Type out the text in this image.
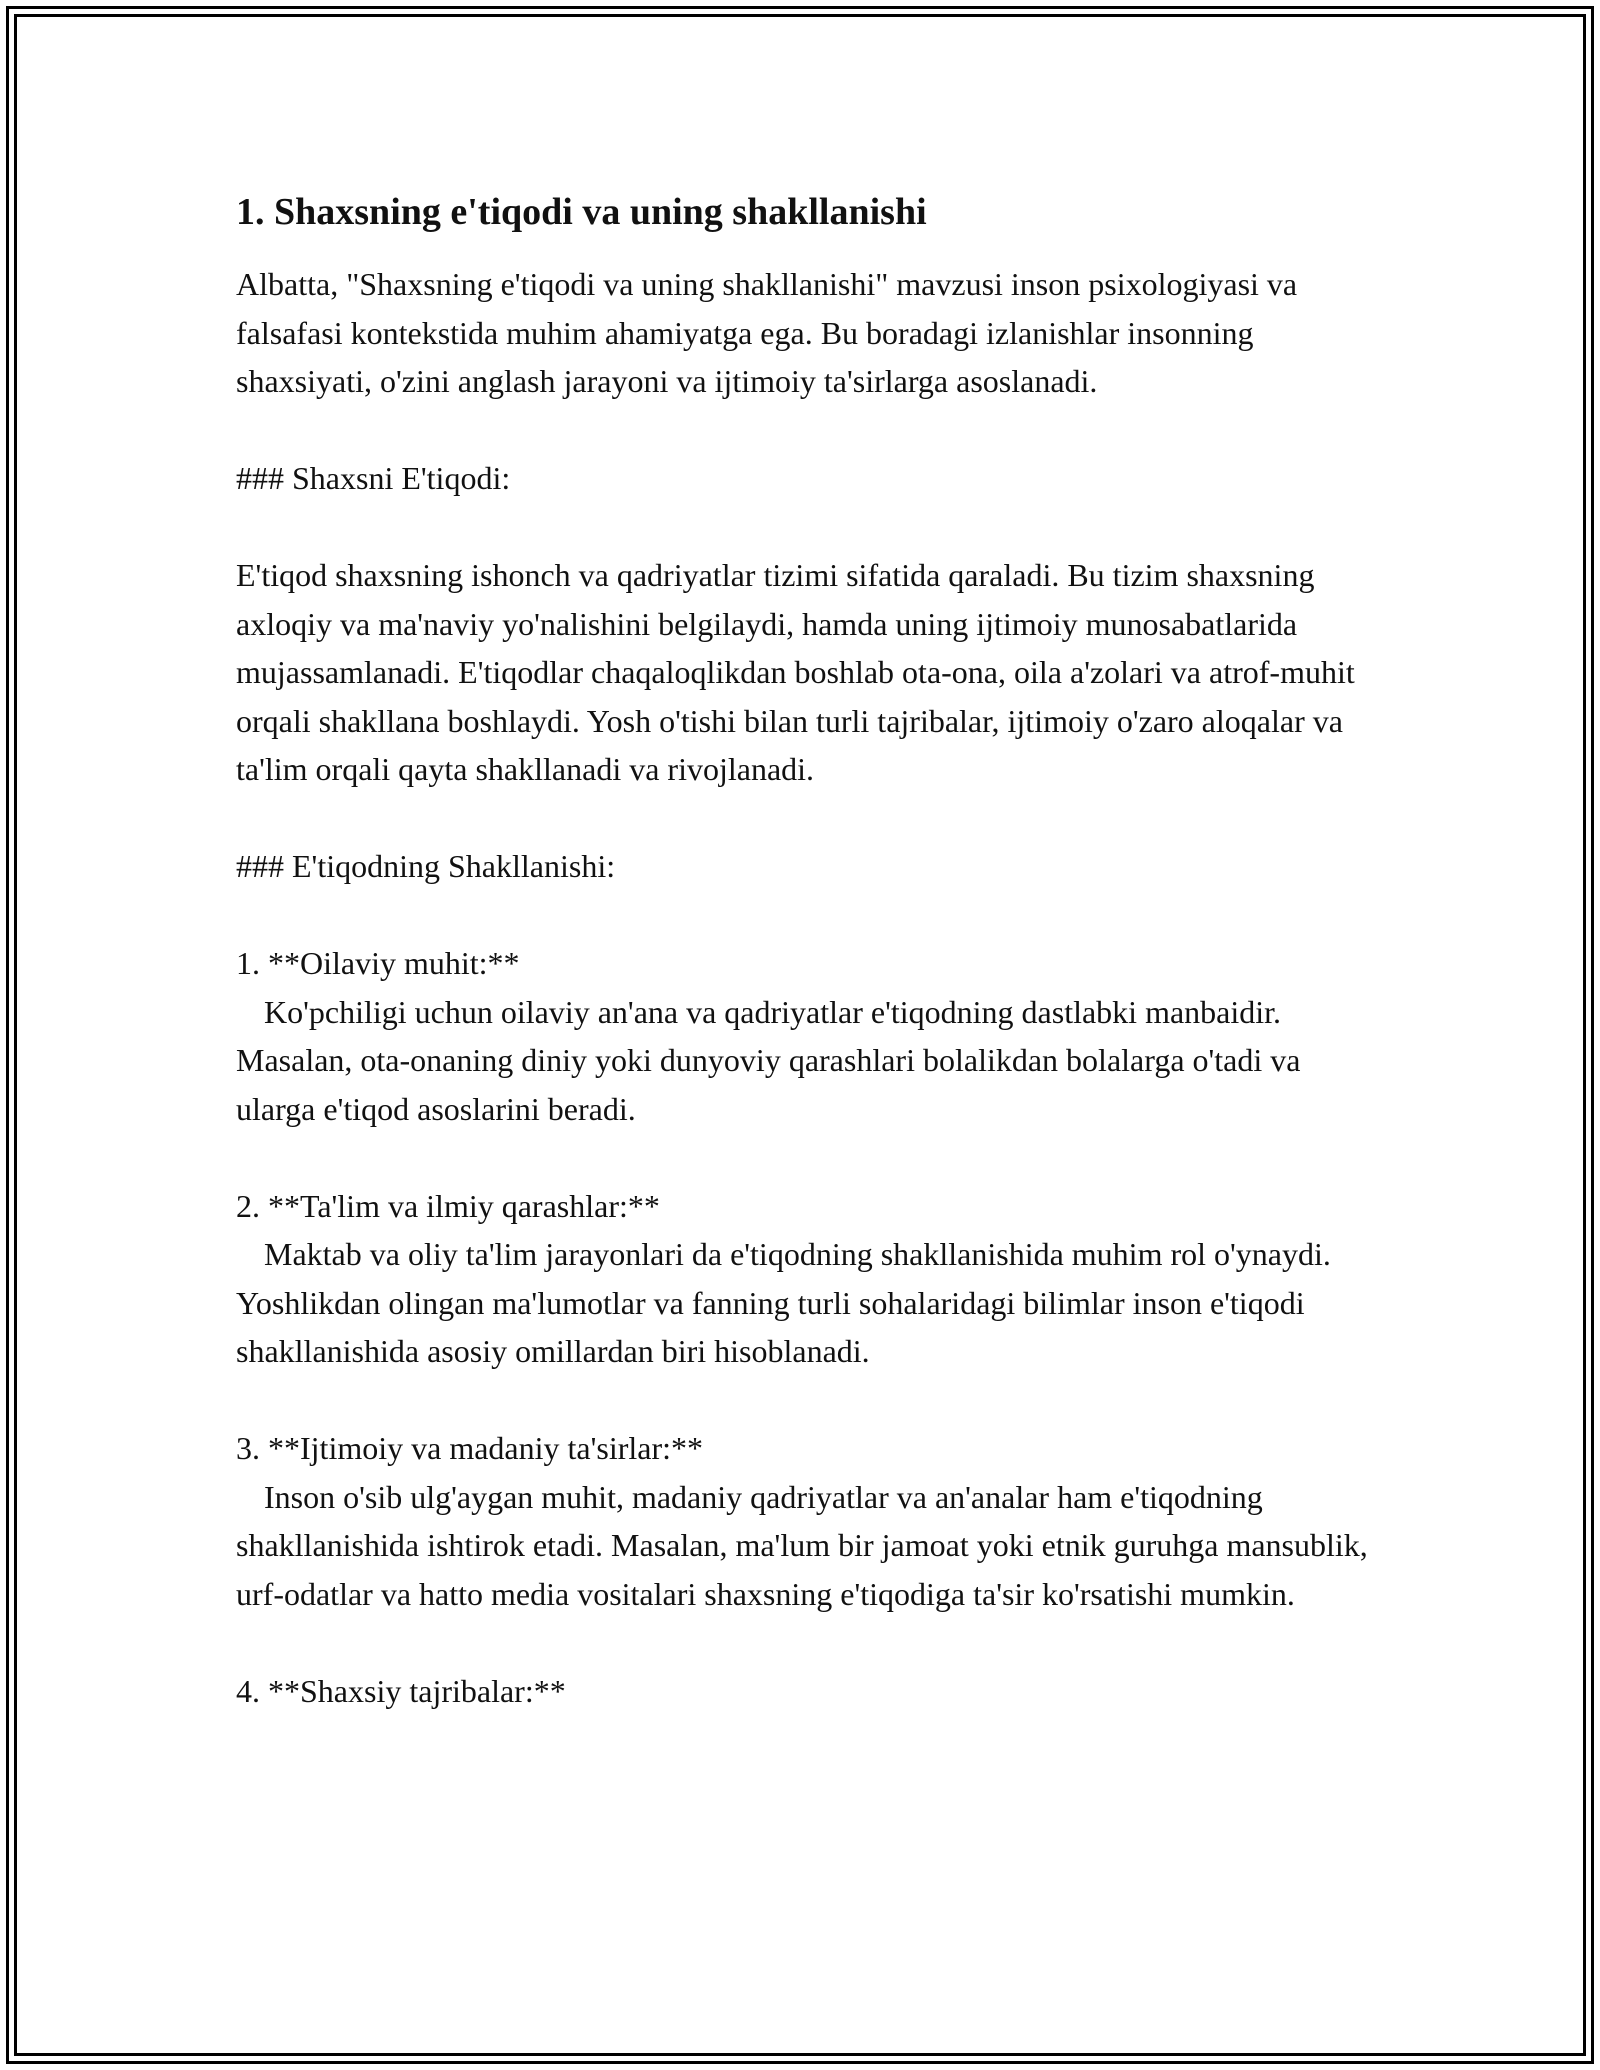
1. Shaxsning e'tiqodi va uning shakllanishi

Albatta, "Shaxsning e'tiqodi va uning shakllanishi" mavzusi inson psixologiyasi va falsafasi kontekstida muhim ahamiyatga ega. Bu boradagi izlanishlar insonning shaxsiyati, o'zini anglash jarayoni va ijtimoiy ta'sirlarga asoslanadi.

### Shaxsni E'tiqodi:

E'tiqod shaxsning ishonch va qadriyatlar tizimi sifatida qaraladi. Bu tizim shaxsning axloqiy va ma'naviy yo'nalishini belgilaydi, hamda uning ijtimoiy munosabatlarida mujassamlanadi. E'tiqodlar chaqaloqlikdan boshlab ota-ona, oila a'zolari va atrof-muhit orqali shakllana boshlaydi. Yosh o'tishi bilan turli tajribalar, ijtimoiy o'zaro aloqalar va ta'lim orqali qayta shakllanadi va rivojlanadi.

### E'tiqodning Shakllanishi:

1. **Oilaviy muhit:**
Ko'pchiligi uchun oilaviy an'ana va qadriyatlar e'tiqodning dastlabki manbaidir. Masalan, ota-onaning diniy yoki dunyoviy qarashlari bolalikdan bolalarga o'tadi va ularga e'tiqod asoslarini beradi.
2. **Ta'lim va ilmiy qarashlar:**
Maktab va oliy ta'lim jarayonlari da e'tiqodning shakllanishida muhim rol o'ynaydi. Yoshlikdan olingan ma'lumotlar va fanning turli sohalaridagi bilimlar inson e'tiqodi shakllanishida asosiy omillardan biri hisoblanadi.
3. **Ijtimoiy va madaniy ta'sirlar:**
Inson o'sib ulg'aygan muhit, madaniy qadriyatlar va an'analar ham e'tiqodning shakllanishida ishtirok etadi. Masalan, ma'lum bir jamoat yoki etnik guruhga mansublik, urf-odatlar va hatto media vositalari shaxsning e'tiqodiga ta'sir ko'rsatishi mumkin.
4. **Shaxsiy tajribalar:**
